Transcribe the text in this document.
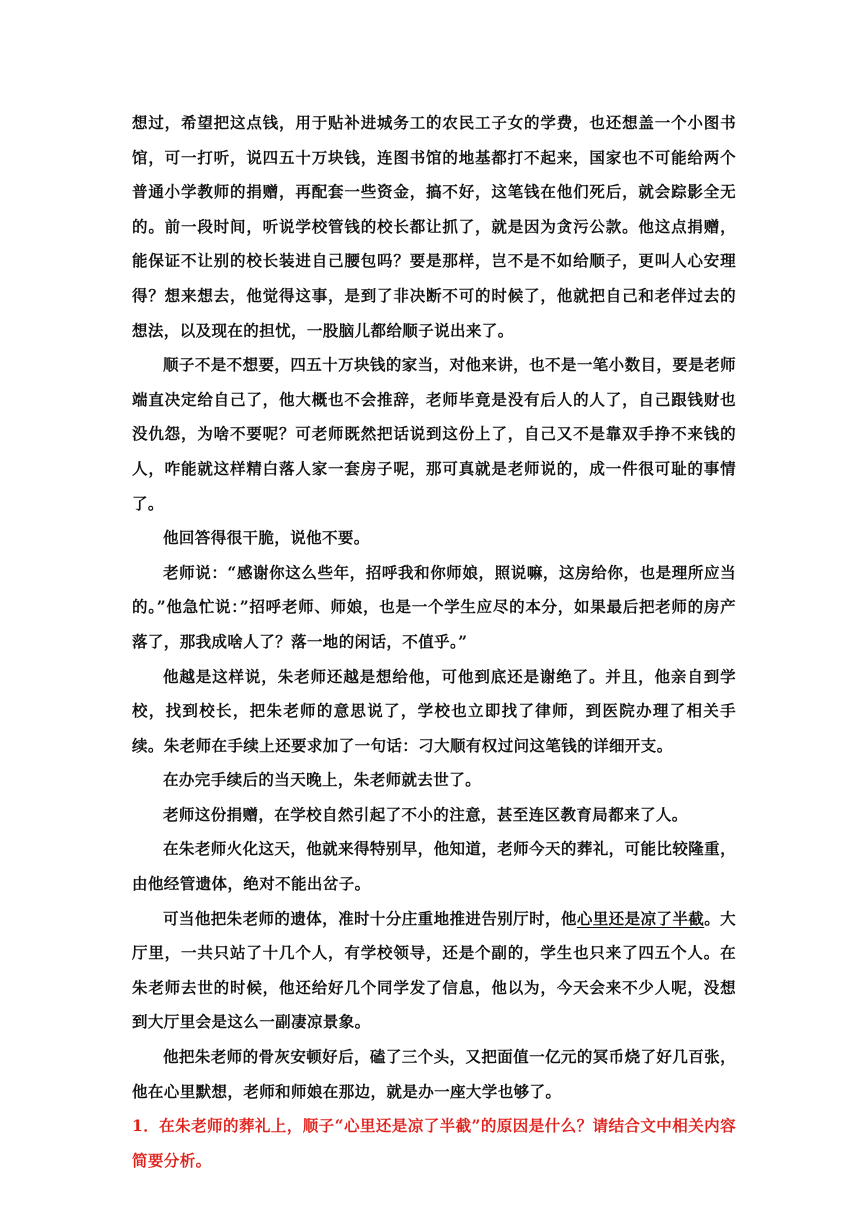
想过，希望把这点钱，用于贴补进城务工的农民工子女的学费，也还想盖一个小图书馆，可一打听，说四五十万块钱，连图书馆的地基都打不起来，国家也不可能给两个普通小学教师的捐赠，再配套一些资金，搞不好，这笔钱在他们死后，就会踪影全无的。前一段时间，听说学校管钱的校长都让抓了，就是因为贪污公款。他这点捐赠，能保证不让别的校长装进自己腰包吗？要是那样，岂不是不如给顺子，更叫人心安理得？想来想去，他觉得这事，是到了非决断不可的时候了，他就把自己和老伴过去的想法，以及现在的担忧，一股脑儿都给顺子说出来了。

顺子不是不想要，四五十万块钱的家当，对他来讲，也不是一笔小数目，要是老师端直决定给自己了，他大概也不会推辞，老师毕竟是没有后人的人了，自己跟钱财也没仇怨，为啥不要呢？可老师既然把话说到这份上了，自己又不是靠双手挣不来钱的人，咋能就这样精白落人家一套房子呢，那可真就是老师说的，成一件很可耻的事情了。

他回答得很干脆，说他不要。

老师说：“感谢你这么些年，招呼我和你师娘，照说嘛，这房给你，也是理所应当的。”他急忙说：”招呼老师、师娘，也是一个学生应尽的本分，如果最后把老师的房产落了，那我成啥人了？落一地的闲话，不值乎。”

他越是这样说，朱老师还越是想给他，可他到底还是谢绝了。并且，他亲自到学校，找到校长，把朱老师的意思说了，学校也立即找了律师，到医院办理了相关手续。朱老师在手续上还要求加了一句话：刁大顺有权过问这笔钱的详细开支。

在办完手续后的当天晚上，朱老师就去世了。

老师这份捐赠，在学校自然引起了不小的注意，甚至连区教育局都来了人。

在朱老师火化这天，他就来得特别早，他知道，老师今天的葬礼，可能比较隆重，由他经管遗体，绝对不能出岔子。

可当他把朱老师的遗体，准时十分庄重地推进告别厅时，他心里还是凉了半截。大厅里，一共只站了十几个人，有学校领导，还是个副的，学生也只来了四五个人。在朱老师去世的时候，他还给好几个同学发了信息，他以为，今天会来不少人呢，没想到大厅里会是这么一副凄凉景象。

他把朱老师的骨灰安顿好后，磕了三个头，又把面值一亿元的冥币烧了好几百张，他在心里默想，老师和师娘在那边，就是办一座大学也够了。

1．在朱老师的葬礼上，顺子“心里还是凉了半截”的原因是什么？请结合文中相关内容简要分析。
